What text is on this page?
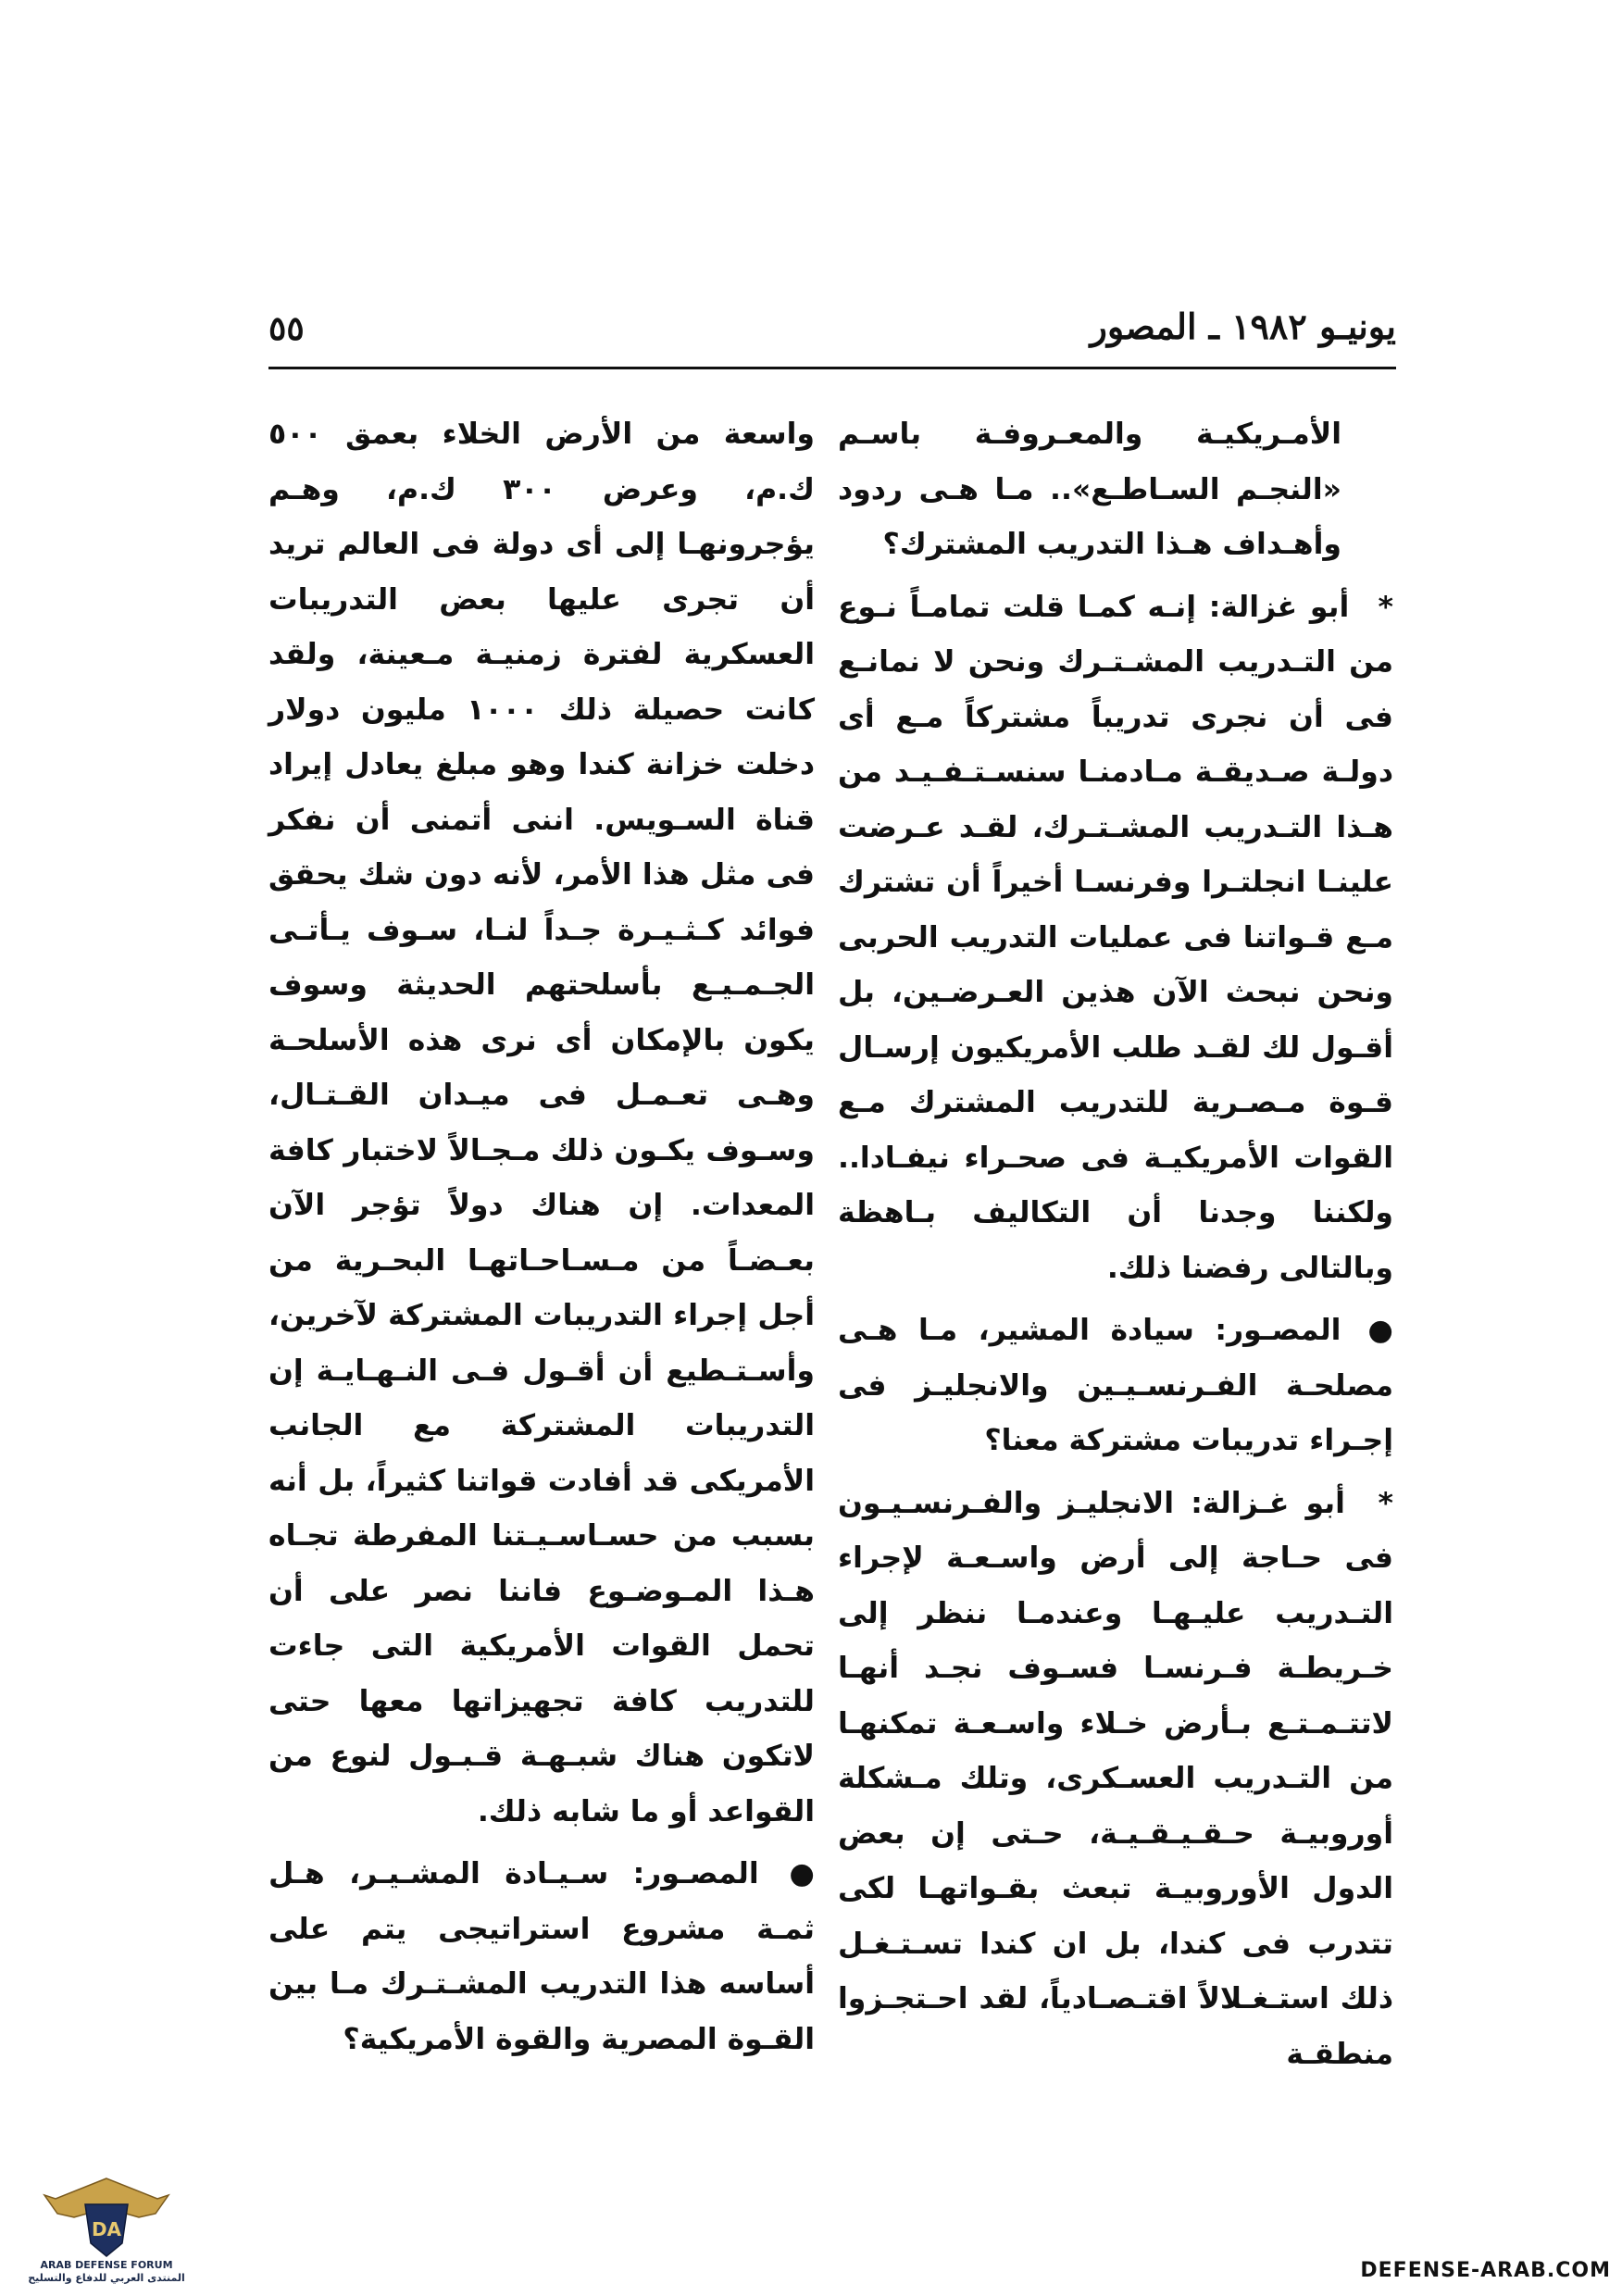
يونيـو ١٩٨٢ ـ المصور
٥٥

الأمـريكيـة والمعـروفـة باسـم «النجـم السـاطـع».. مـا هـى ردود وأهـداف هـذا التدريب المشترك؟

* أبو غزالة: إنـه كمـا قلت تمامـاً نـوع من التـدريب المشـتـرك ونحن لا نمانـع فى أن نجرى تدريباً مشتركاً مـع أى دولـة صـديقـة مـادمنـا سنسـتـفـيـد من هـذا التـدريب المشـتـرك، لقـد عـرضت علينـا انجلتـرا وفرنسـا أخيراً أن تشترك مـع قـواتنا فى عمليات التدريب الحربى ونحن نبحث الآن هذين العـرضـين، بل أقـول لك لقـد طلب الأمريكيون إرسـال قـوة مـصـرية للتدريب المشترك مـع القوات الأمريكيـة فى صحـراء نيفـادا.. ولكننا وجدنا أن التكاليف بـاهظة وبالتالى رفضنا ذلك.

● المصـور: سيادة المشير، مـا هـى مصلحـة الفـرنسـيـين والانجليـز فى إجـراء تدريبات مشتركة معنا؟

* أبو غـزالة: الانجليـز والفـرنسـيـون فى حـاجة إلى أرض واسـعـة لإجراء التـدريب عليـهـا وعندمـا ننظر إلى خـريطـة فـرنسـا فسـوف نجـد أنهـا لاتتـمـتـع بـأرض خـلاء واسـعـة تمكنهـا من التـدريب العسـكرى، وتلك مـشكلة أوروبيـة حـقـيـقـيـة، حـتى إن بعض الدول الأوروبيـة تبعث بقـواتهـا لكى تتدرب فى كندا، بل ان كندا تسـتـغـل ذلك استـغـلالاً اقتـصـادياً، لقد احـتجـزوا منطقـة

واسعة من الأرض الخلاء بعمق ٥٠٠ ك.م، وعرض ٣٠٠ ك.م، وهـم يؤجرونهـا إلى أى دولة فى العالم تريد أن تجرى عليها بعض التدريبات العسكرية لفترة زمنيـة مـعينة، ولقد كانت حصيلة ذلك ١٠٠٠ مليون دولار دخلت خزانة كندا وهو مبلغ يعادل إيراد قناة السـويس. اننى أتمنى أن نفكر فى مثل هذا الأمر، لأنه دون شك يحقق فوائد كـثـيـرة جـداً لنـا، سـوف يـأتـى الجـمـيـع بأسلحتهم الحديثة وسوف يكون بالإمكان أى نرى هذه الأسلحـة وهـى تعـمـل فى ميـدان القـتـال، وسـوف يكـون ذلك مـجـالاً لاختبار كافة المعدات. إن هناك دولاً تؤجر الآن بعـضـاً من مـسـاحـاتهـا البحـرية من أجل إجراء التدريبات المشتركة لآخرين، وأسـتـطيع أن أقـول فـى النـهـايـة إن التدريبات المشتركة مع الجانب الأمريكى قد أفادت قواتنا كثيراً، بل أنه بسبب من حسـاسـيـتنا المفرطة تجـاه هـذا المـوضـوع فاننا نصر على أن تحمل القوات الأمريكية التى جاءت للتدريب كافة تجهيزاتها معها حتى لاتكون هناك شبـهـة قـبـول لنوع من القواعد أو ما شابه ذلك.

● المصـور: سـيـادة المشـيـر، هـل ثمـة مشروع استراتيجى يتم على أساسه هذا التدريب المشـتـرك مـا بين القـوة المصرية والقوة الأمريكية؟

DA
ARAB DEFENSE FORUM
المنتدى العربي للدفاع والتسليح	DEFENSE-ARAB.COM
